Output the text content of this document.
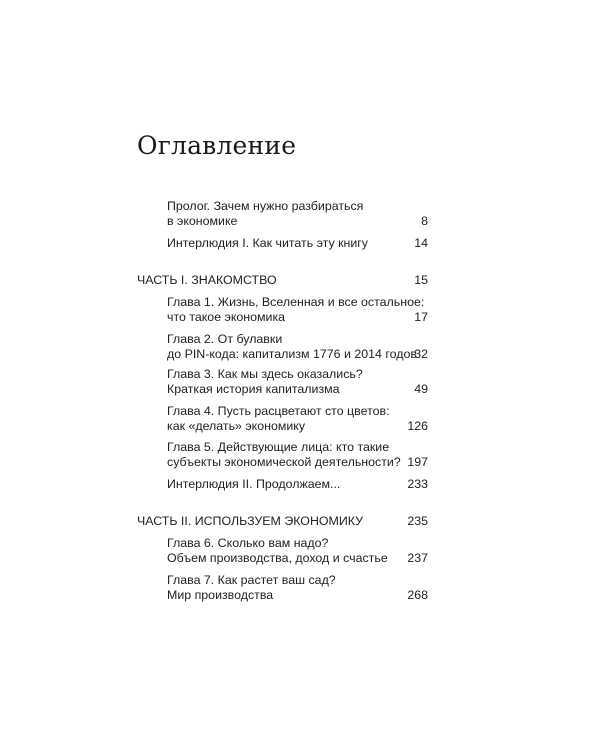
Оглавление
Пролог. Зачем нужно разбираться
в экономике	8
Интерлюдия I. Как читать эту книгу	14
ЧАСТЬ I. ЗНАКОМСТВО	15
Глава 1. Жизнь, Вселенная и все остальное:
что такое экономика	17
Глава 2. От булавки
до PIN-кода: капитализм 1776 и 2014 годов
32
Глава 3. Как мы здесь оказались?
Краткая история капитализма	49
Глава 4. Пусть расцветают сто цветов:
как «делать» экономику	126
Глава 5. Действующие лица: кто такие
субъекты экономической деятельности? 197
Интерлюдия II. Продолжаем...	233
ЧАСТЬ II. ИСПОЛЬЗУЕМ ЭКОНОМИКУ	235
Глава 6. Сколько вам надо?
Объем производства, доход и счастье 237
Глава 7. Как растет ваш сад?
Мир производства	268
